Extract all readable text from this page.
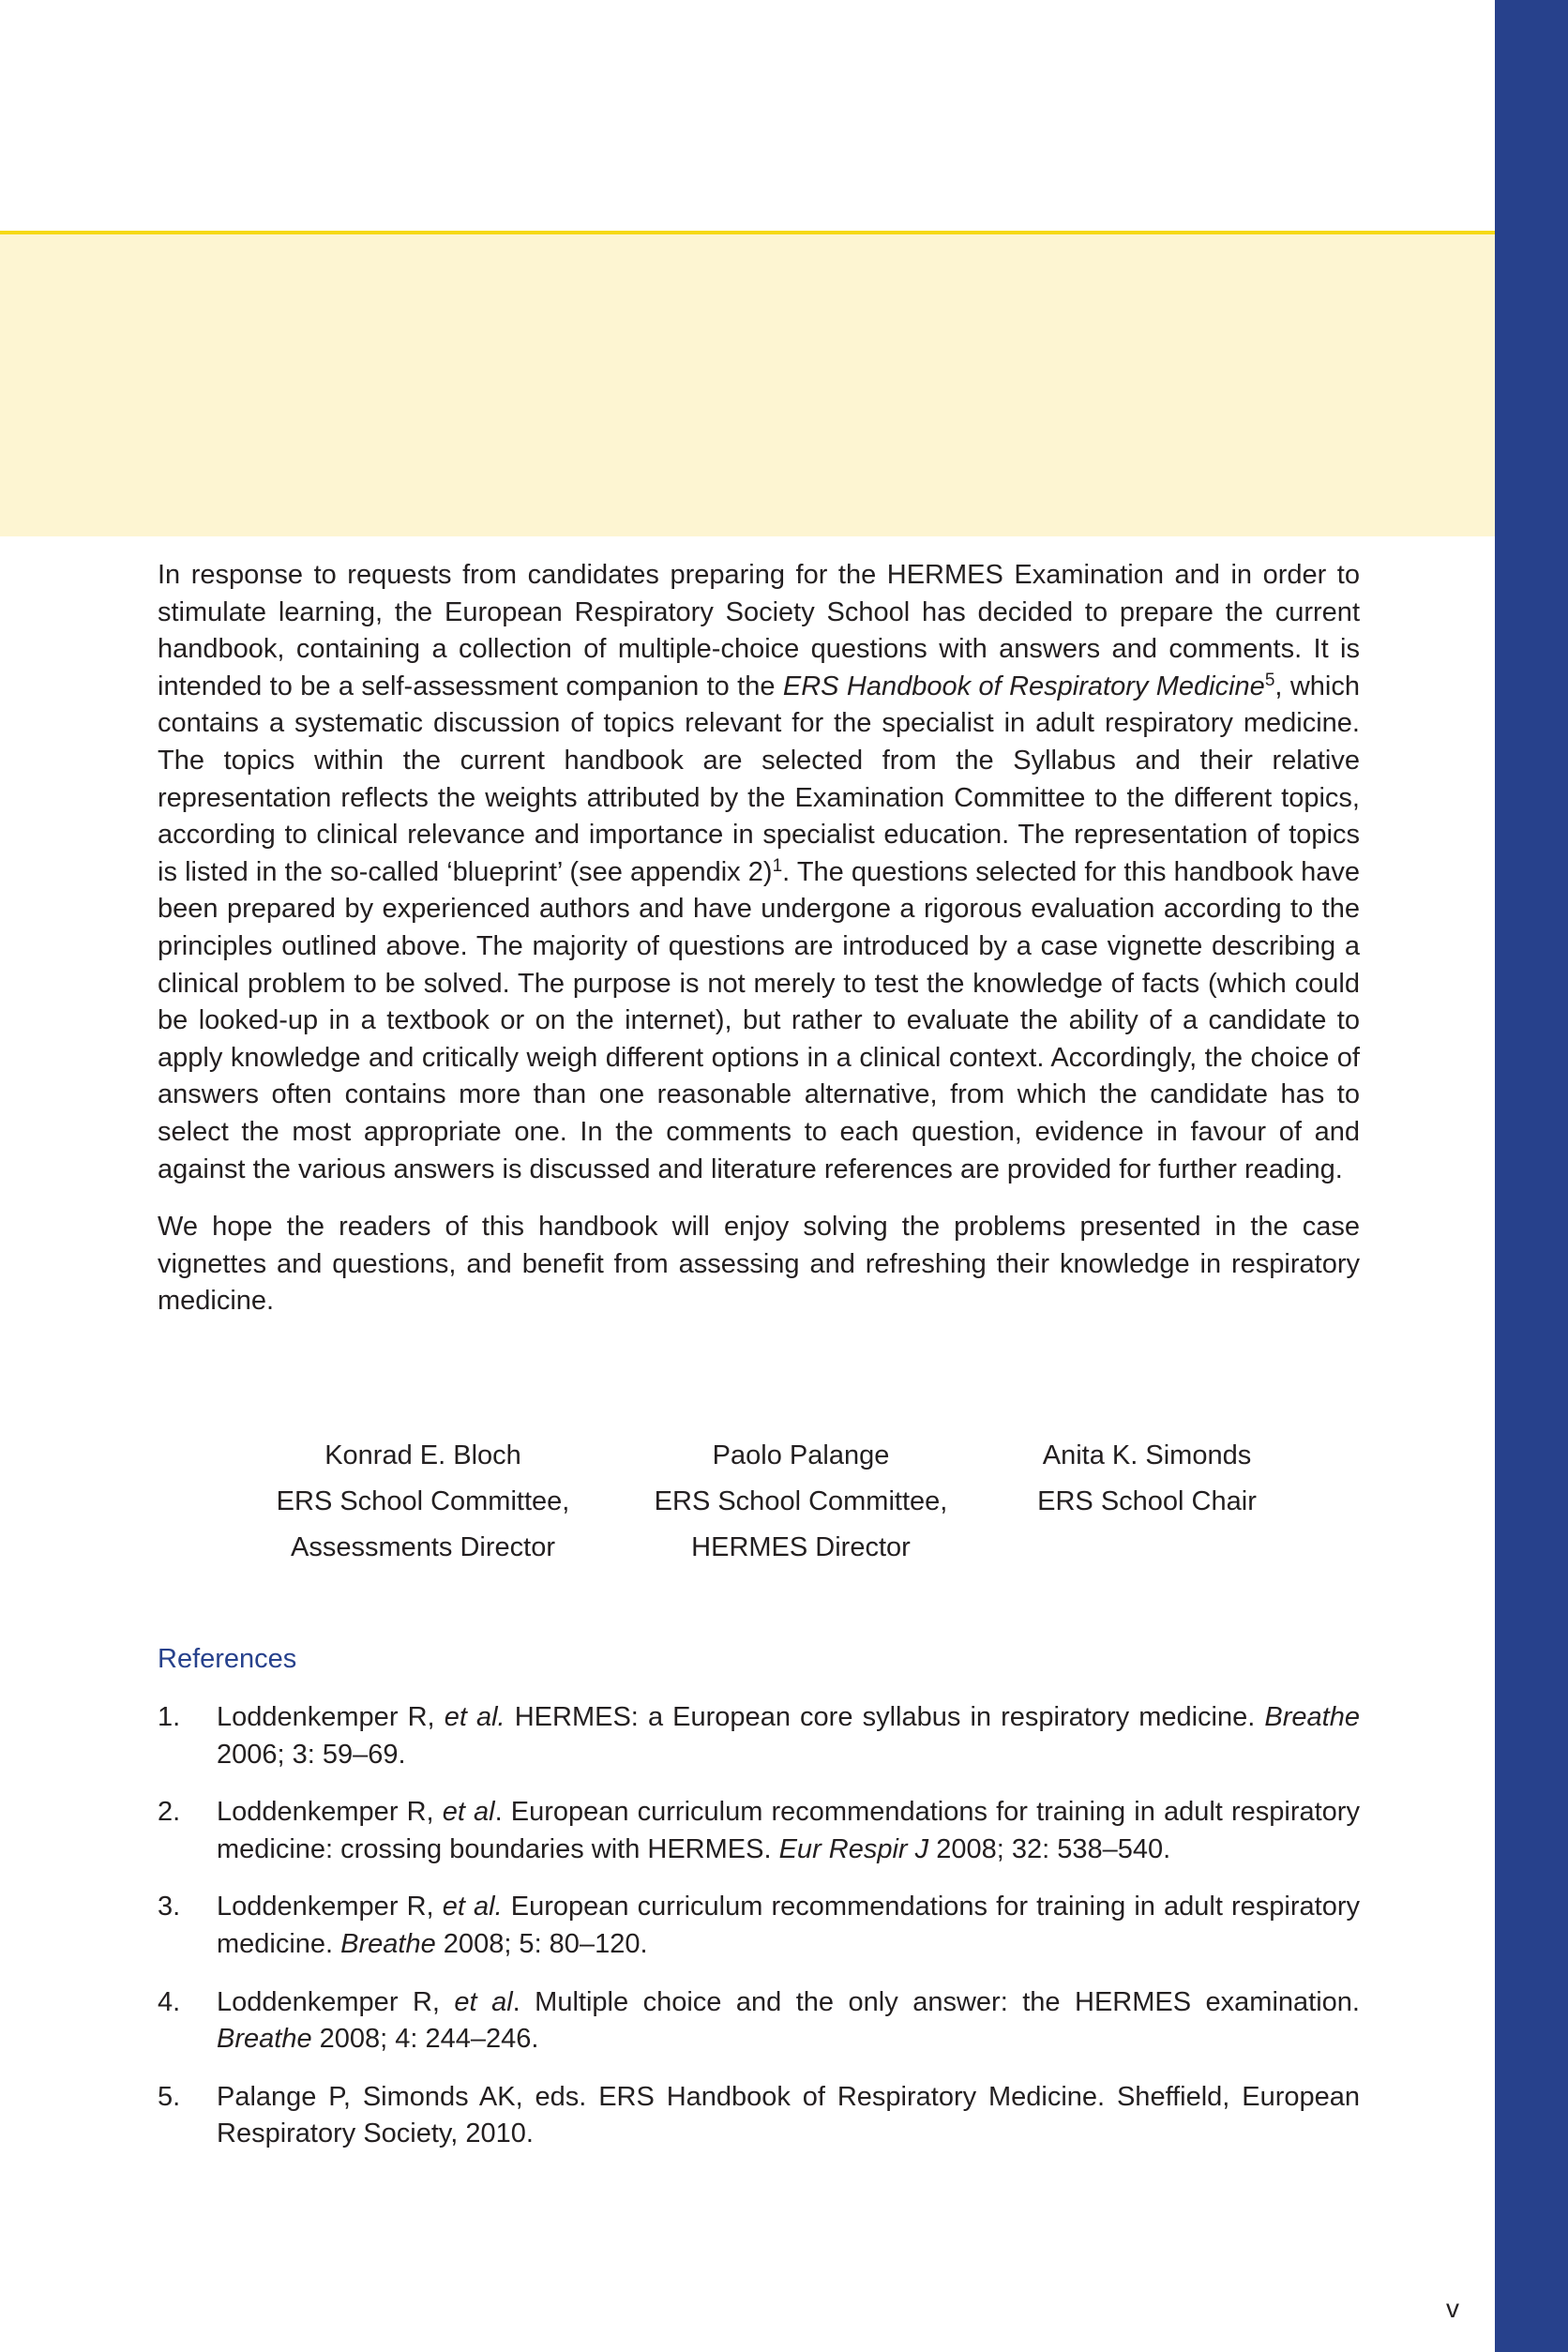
In response to requests from candidates preparing for the HERMES Examination and in order to stimulate learning, the European Respiratory Society School has decided to prepare the current handbook, containing a collection of multiple-choice questions with answers and comments. It is intended to be a self-assessment companion to the ERS Handbook of Respiratory Medicine$^5$, which contains a systematic discussion of topics relevant for the specialist in adult respiratory medicine. The topics within the current handbook are selected from the Syllabus and their relative representation reflects the weights attributed by the Examination Committee to the different topics, according to clinical relevance and importance in specialist education. The representation of topics is listed in the so-called ‘blueprint’ (see appendix 2)$^1$. The questions selected for this handbook have been prepared by experienced authors and have undergone a rigorous evaluation according to the principles outlined above. The majority of questions are introduced by a case vignette describing a clinical problem to be solved. The purpose is not merely to test the knowledge of facts (which could be looked-up in a textbook or on the internet), but rather to evaluate the ability of a candidate to apply knowledge and critically weigh different options in a clinical context. Accordingly, the choice of answers often contains more than one reasonable alternative, from which the candidate has to select the most appropriate one. In the comments to each question, evidence in favour of and against the various answers is discussed and literature references are provided for further reading.

We hope the readers of this handbook will enjoy solving the problems presented in the case vignettes and questions, and benefit from assessing and refreshing their knowledge in respiratory medicine.

Konrad E. Bloch
ERS School Committee,
Assessments Director
Paolo Palange
ERS School Committee,
HERMES Director
Anita K. Simonds
ERS School Chair
References
1. Loddenkemper R, et al. HERMES: a European core syllabus in respiratory medicine. Breathe 2006; 3: 59–69.
2. Loddenkemper R, et al. European curriculum recommendations for training in adult respiratory medicine: crossing boundaries with HERMES. Eur Respir J 2008; 32: 538–540.
3. Loddenkemper R, et al. European curriculum recommendations for training in adult respiratory medicine. Breathe 2008; 5: 80–120.
4. Loddenkemper R, et al. Multiple choice and the only answer: the HERMES examination. Breathe 2008; 4: 244–246.
5. Palange P, Simonds AK, eds. ERS Handbook of Respiratory Medicine. Sheffield, European Respiratory Society, 2010.
v
